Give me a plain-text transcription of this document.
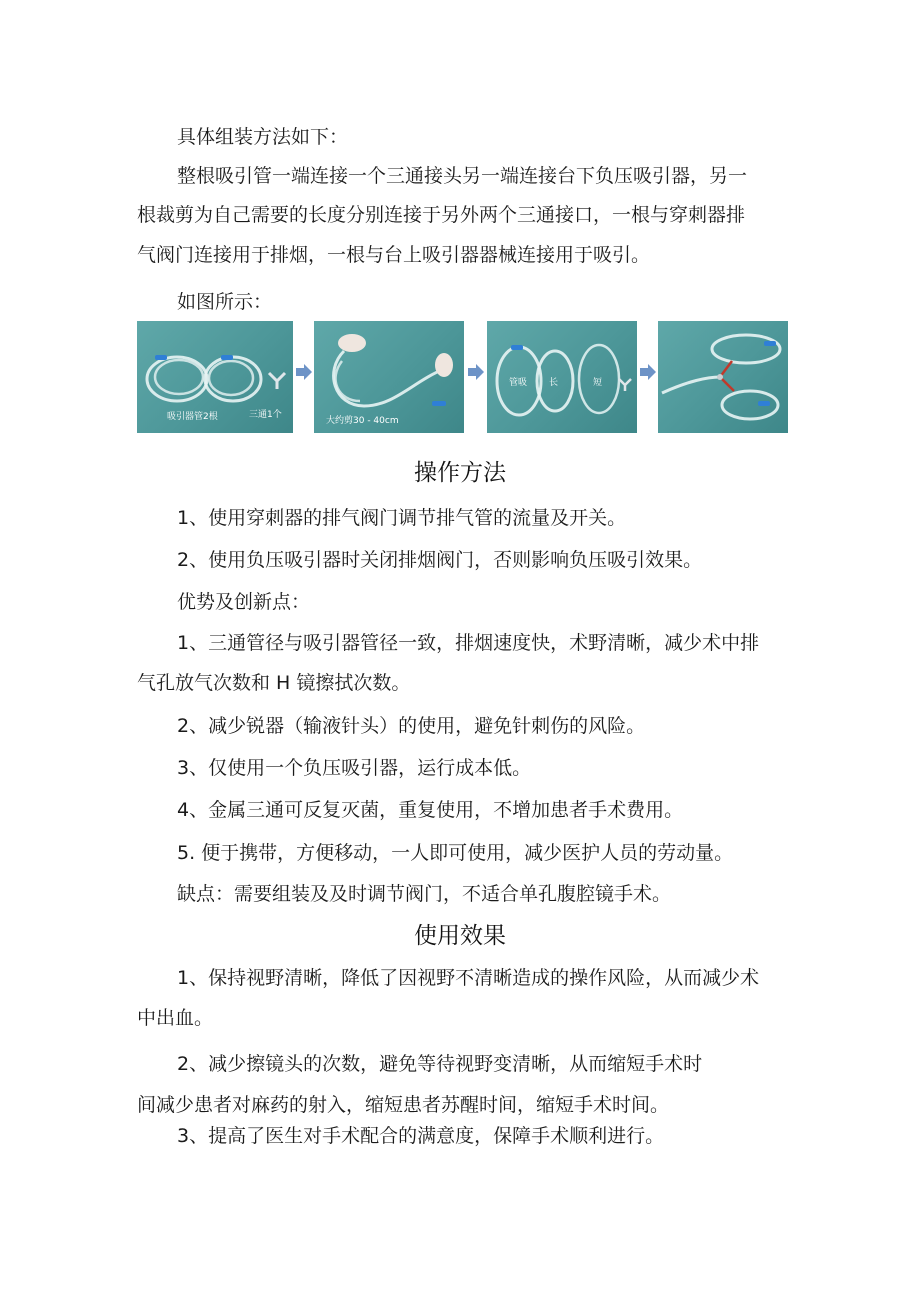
具体组装方法如下：
整根吸引管一端连接一个三通接头另一端连接台下负压吸引器，另一
根裁剪为自己需要的长度分别连接于另外两个三通接口，一根与穿刺器排
气阀门连接用于排烟，一根与台上吸引器器械连接用于吸引。
如图所示：
吸引器管2根	三通1个
大约剪30 - 40cm
管吸 长	短
操作方法
1、使用穿刺器的排气阀门调节排气管的流量及开关。
2、使用负压吸引器时关闭排烟阀门，否则影响负压吸引效果。
优势及创新点：
1、三通管径与吸引器管径一致，排烟速度快，术野清晰，减少术中排
气孔放气次数和 H 镜擦拭次数。
2、减少锐器（输液针头）的使用，避免针刺伤的风险。
3、仅使用一个负压吸引器，运行成本低。
4、金属三通可反复灭菌，重复使用，不增加患者手术费用。
5. 便于携带，方便移动，一人即可使用，减少医护人员的劳动量。
缺点：需要组装及及时调节阀门，不适合单孔腹腔镜手术。
使用效果
1、保持视野清晰，降低了因视野不清晰造成的操作风险，从而减少术
中出血。
2、减少擦镜头的次数，避免等待视野变清晰，从而缩短手术时
间减少患者对麻药的射入，缩短患者苏醒时间，缩短手术时间。
3、提高了医生对手术配合的满意度，保障手术顺利进行。
